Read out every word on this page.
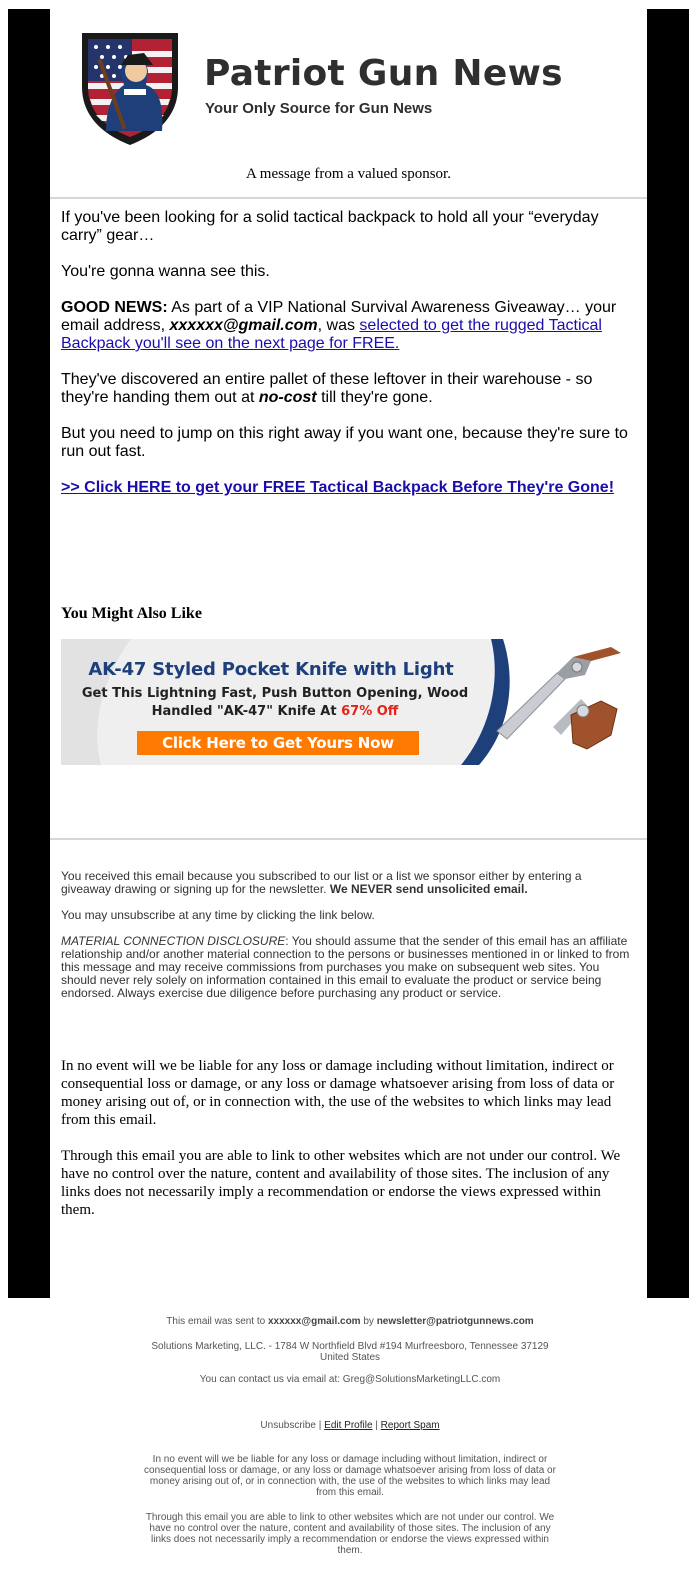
Patriot Gun News
Your Only Source for Gun News
A message from a valued sponsor.

If you've been looking for a solid tactical backpack to hold all your “everyday carry” gear…

You're gonna wanna see this.

GOOD NEWS: As part of a VIP National Survival Awareness Giveaway… your email address, xxxxxx@gmail.com, was selected to get the rugged Tactical Backpack you'll see on the next page for FREE.

They've discovered an entire pallet of these leftover in their warehouse - so they're handing them out at no-cost till they're gone.

But you need to jump on this right away if you want one, because they're sure to run out fast.

>> Click HERE to get your FREE Tactical Backpack Before They're Gone!

You Might Also Like
AK-47 Styled Pocket Knife with Light
Get This Lightning Fast, Push Button Opening, Wood Handled "AK-47" Knife At 67% Off
Click Here to Get Yours Now

You received this email because you subscribed to our list or a list we sponsor either by entering a giveaway drawing or signing up for the newsletter. We NEVER send unsolicited email.

You may unsubscribe at any time by clicking the link below.

MATERIAL CONNECTION DISCLOSURE: You should assume that the sender of this email has an affiliate relationship and/or another material connection to the persons or businesses mentioned in or linked to from this message and may receive commissions from purchases you make on subsequent web sites. You should never rely solely on information contained in this email to evaluate the product or service being endorsed. Always exercise due diligence before purchasing any product or service.

In no event will we be liable for any loss or damage including without limitation, indirect or consequential loss or damage, or any loss or damage whatsoever arising from loss of data or money arising out of, or in connection with, the use of the websites to which links may lead from this email.

Through this email you are able to link to other websites which are not under our control. We have no control over the nature, content and availability of those sites. The inclusion of any links does not necessarily imply a recommendation or endorse the views expressed within them.

This email was sent to xxxxxx@gmail.com by newsletter@patriotgunnews.com
Solutions Marketing, LLC. - 1784 W Northfield Blvd #194 Murfreesboro, Tennessee 37129 United States
You can contact us via email at: Greg@SolutionsMarketingLLC.com
Unsubscribe | Edit Profile | Report Spam
In no event will we be liable for any loss or damage including without limitation, indirect or consequential loss or damage, or any loss or damage whatsoever arising from loss of data or money arising out of, or in connection with, the use of the websites to which links may lead from this email.
Through this email you are able to link to other websites which are not under our control. We have no control over the nature, content and availability of those sites. The inclusion of any links does not necessarily imply a recommendation or endorse the views expressed within them.
